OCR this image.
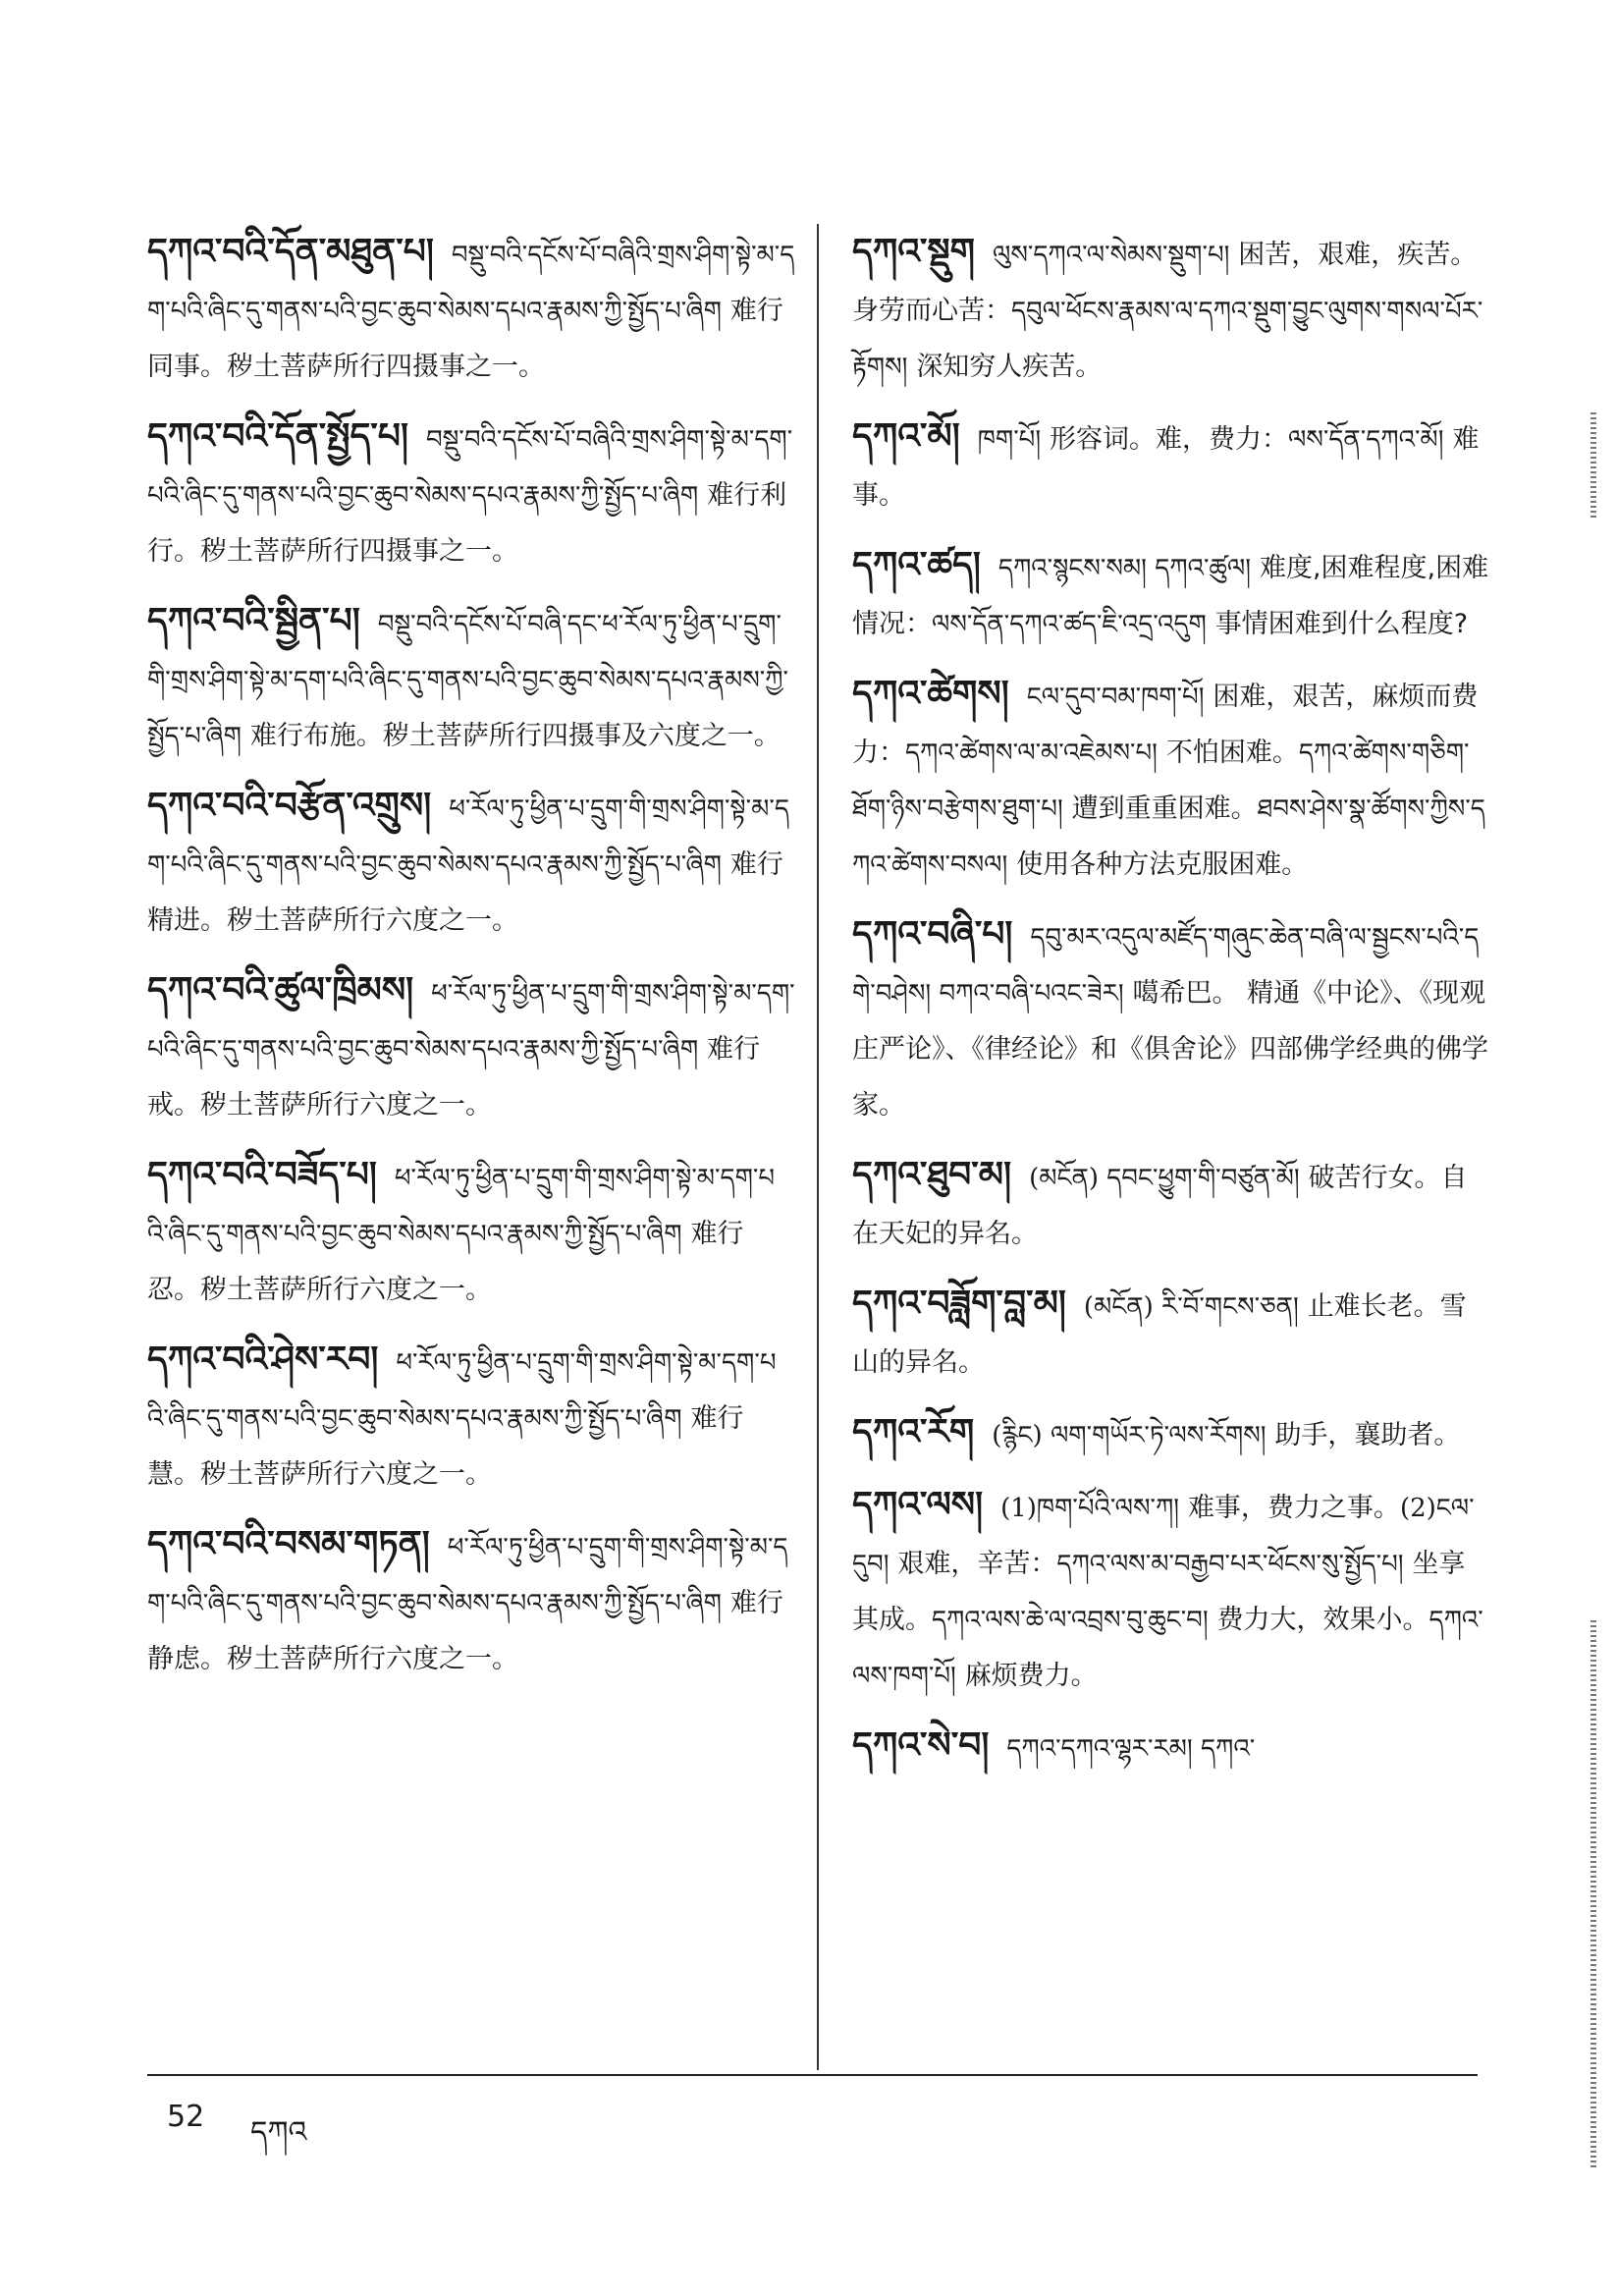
དཀའ་བའི་དོན་མཐུན་པ། བསྡུ་བའི་དངོས་པོ་བཞིའི་གྲས་ཤིག་སྟེ་མ་དག་པའི་ཞིང་དུ་གནས་པའི་བྱང་ཆུབ་སེམས་དཔའ་རྣམས་ཀྱི་སྤྱོད་པ་ཞིག 难行同事。秽土菩萨所行四摄事之一。
དཀའ་བའི་དོན་སྤྱོད་པ། བསྡུ་བའི་དངོས་པོ་བཞིའི་གྲས་ཤིག་སྟེ་མ་དག་པའི་ཞིང་དུ་གནས་པའི་བྱང་ཆུབ་སེམས་དཔའ་རྣམས་ཀྱི་སྤྱོད་པ་ཞིག 难行利行。秽土菩萨所行四摄事之一。
དཀའ་བའི་སྦྱིན་པ། བསྡུ་བའི་དངོས་པོ་བཞི་དང་ཕ་རོལ་ཏུ་ཕྱིན་པ་དྲུག་གི་གྲས་ཤིག་སྟེ་མ་དག་པའི་ཞིང་དུ་གནས་པའི་བྱང་ཆུབ་སེམས་དཔའ་རྣམས་ཀྱི་སྤྱོད་པ་ཞིག 难行布施。秽土菩萨所行四摄事及六度之一。
དཀའ་བའི་བརྩོན་འགྲུས། ཕ་རོལ་ཏུ་ཕྱིན་པ་དྲུག་གི་གྲས་ཤིག་སྟེ་མ་དག་པའི་ཞིང་དུ་གནས་པའི་བྱང་ཆུབ་སེམས་དཔའ་རྣམས་ཀྱི་སྤྱོད་པ་ཞིག 难行精进。秽土菩萨所行六度之一。
དཀའ་བའི་ཚུལ་ཁྲིམས། ཕ་རོལ་ཏུ་ཕྱིན་པ་དྲུག་གི་གྲས་ཤིག་སྟེ་མ་དག་པའི་ཞིང་དུ་གནས་པའི་བྱང་ཆུབ་སེམས་དཔའ་རྣམས་ཀྱི་སྤྱོད་པ་ཞིག 难行戒。秽土菩萨所行六度之一。
དཀའ་བའི་བཟོད་པ། ཕ་རོལ་ཏུ་ཕྱིན་པ་དྲུག་གི་གྲས་ཤིག་སྟེ་མ་དག་པའི་ཞིང་དུ་གནས་པའི་བྱང་ཆུབ་སེམས་དཔའ་རྣམས་ཀྱི་སྤྱོད་པ་ཞིག 难行忍。秽土菩萨所行六度之一。
དཀའ་བའི་ཤེས་རབ། ཕ་རོལ་ཏུ་ཕྱིན་པ་དྲུག་གི་གྲས་ཤིག་སྟེ་མ་དག་པའི་ཞིང་དུ་གནས་པའི་བྱང་ཆུབ་སེམས་དཔའ་རྣམས་ཀྱི་སྤྱོད་པ་ཞིག 难行慧。秽土菩萨所行六度之一。
དཀའ་བའི་བསམ་གཏན། ཕ་རོལ་ཏུ་ཕྱིན་པ་དྲུག་གི་གྲས་ཤིག་སྟེ་མ་དག་པའི་ཞིང་དུ་གནས་པའི་བྱང་ཆུབ་སེམས་དཔའ་རྣམས་ཀྱི་སྤྱོད་པ་ཞིག 难行静虑。秽土菩萨所行六度之一。
དཀའ་སྡུག ལུས་དཀའ་ལ་སེམས་སྡུག་པ། 困苦，艰难，疾苦。身劳而心苦：དབུལ་ཕོངས་རྣམས་ལ་དཀའ་སྡུག་བྱུང་ལུགས་གསལ་པོར་རྟོགས། 深知穷人疾苦。
དཀའ་མོ། ཁག་པོ། 形容词。难，费力：ལས་དོན་དཀའ་མོ། 难事。
དཀའ་ཚད། དཀའ་སྙངས་སམ། དཀའ་ཚུལ། 难度,困难程度,困难情况：ལས་དོན་དཀའ་ཚད་ཇི་འདྲ་འདུག 事情困难到什么程度?
དཀའ་ཚེགས། ངལ་དུབ་བམ་ཁག་པོ། 困难，艰苦，麻烦而费力：དཀའ་ཚེགས་ལ་མ་འཇེམས་པ། 不怕困难。དཀའ་ཚེགས་གཅིག་ཐོག་ཉིས་བརྩེགས་ཐུག་པ། 遭到重重困难。ཐབས་ཤེས་སྣ་ཚོགས་ཀྱིས་དཀའ་ཚེགས་བསལ། 使用各种方法克服困难。
དཀའ་བཞི་པ། དབུ་མར་འདུལ་མཛོད་གཞུང་ཆེན་བཞི་ལ་སྦྱངས་པའི་དགེ་བཤེས། བཀའ་བཞི་པའང་ཟེར། 噶希巴。 精通《中论》、《现观庄严论》、《律经论》和《俱舍论》四部佛学经典的佛学家。
དཀའ་ཐུབ་མ། (མངོན) དབང་ཕྱུག་གི་བཙུན་མོ། 破苦行女。自在天妃的异名。
དཀའ་བཟློག་བླ་མ། (མངོན) རི་བོ་གངས་ཅན། 止难长老。雪山的异名。
དཀའ་རོག (རྙིང) ལག་གཡོར་ཏེ་ལས་རོགས། 助手，襄助者。
དཀའ་ལས། (1)ཁག་པོའི་ལས་ཀ། 难事，费力之事。(2)ངལ་དུབ། 艰难，辛苦：དཀའ་ལས་མ་བརྒྱབ་པར་ཕོངས་སུ་སྤྱོད་པ། 坐享其成。དཀའ་ལས་ཆེ་ལ་འབྲས་བུ་ཆུང་བ། 费力大，效果小。དཀའ་ལས་ཁག་པོ། 麻烦费力。
དཀའ་སེ་བ། དཀའ་དཀའ་ལྷར་རམ། དཀའ་
52 དཀའ
